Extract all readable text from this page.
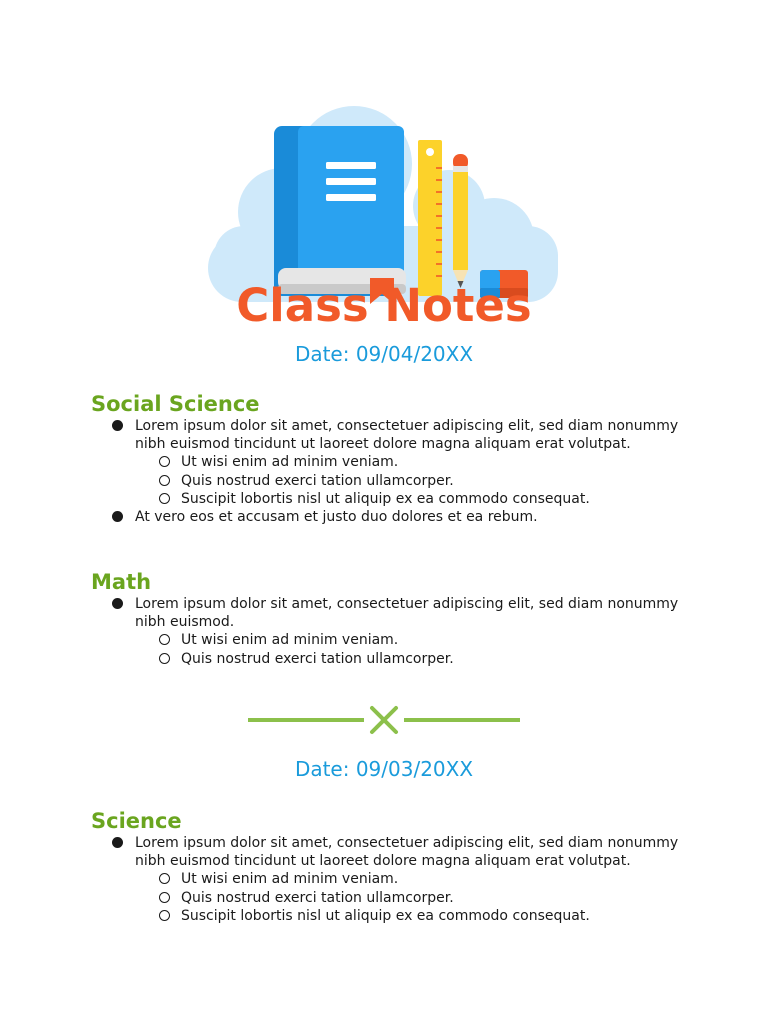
Class Notes
Date: 09/04/20XX
Social Science
Lorem ipsum dolor sit amet, consectetuer adipiscing elit, sed diam nonummy nibh euismod tincidunt ut laoreet dolore magna aliquam erat volutpat.
Ut wisi enim ad minim veniam.
Quis nostrud exerci tation ullamcorper.
Suscipit lobortis nisl ut aliquip ex ea commodo consequat.
At vero eos et accusam et justo duo dolores et ea rebum.
Math
Lorem ipsum dolor sit amet, consectetuer adipiscing elit, sed diam nonummy nibh euismod.
Ut wisi enim ad minim veniam.
Quis nostrud exerci tation ullamcorper.
Date: 09/03/20XX
Science
Lorem ipsum dolor sit amet, consectetuer adipiscing elit, sed diam nonummy nibh euismod tincidunt ut laoreet dolore magna aliquam erat volutpat.
Ut wisi enim ad minim veniam.
Quis nostrud exerci tation ullamcorper.
Suscipit lobortis nisl ut aliquip ex ea commodo consequat.
